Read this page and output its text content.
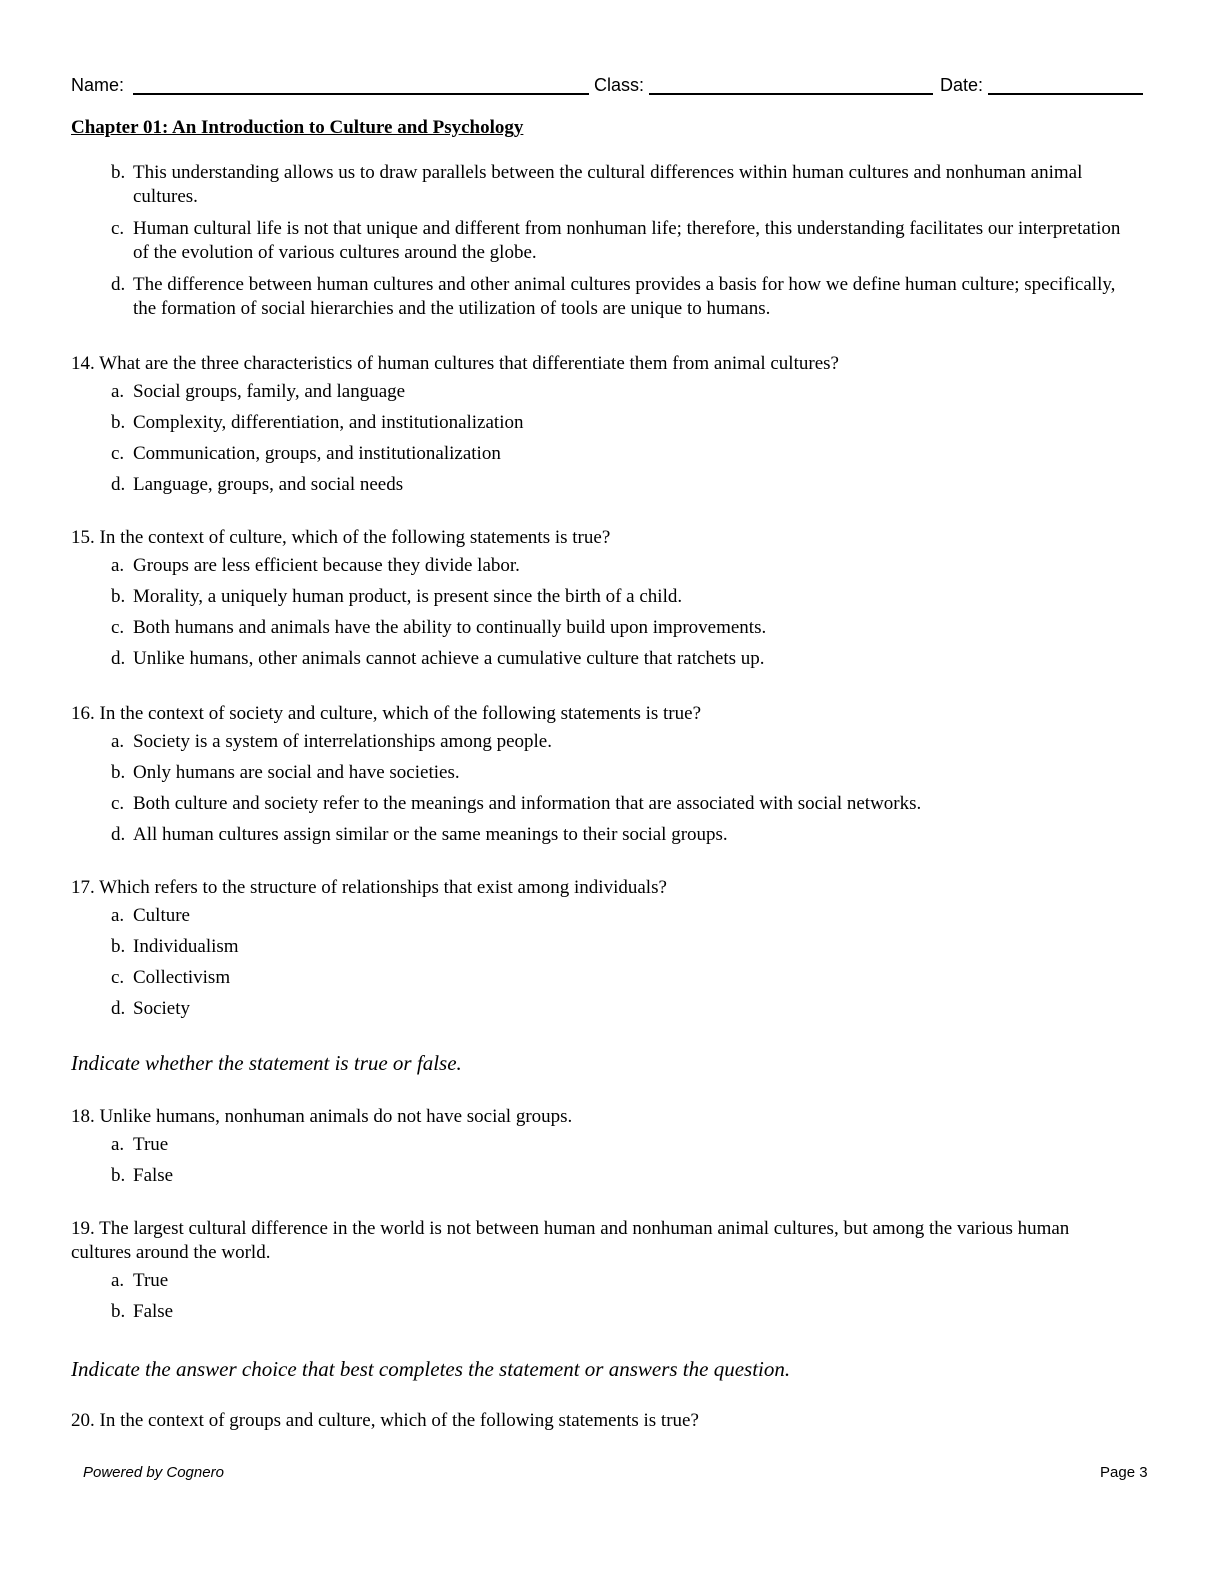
Name:	Class:	Date:
Chapter 01: An Introduction to Culture and Psychology
b. This understanding allows us to draw parallels between the cultural differences within human cultures and nonhuman animal cultures.
c. Human cultural life is not that unique and different from nonhuman life; therefore, this understanding facilitates our interpretation of the evolution of various cultures around the globe.
d. The difference between human cultures and other animal cultures provides a basis for how we define human culture; specifically, the formation of social hierarchies and the utilization of tools are unique to humans.

14. What are the three characteristics of human cultures that differentiate them from animal cultures?

a. Social groups, family, and language
b. Complexity, differentiation, and institutionalization
c. Communication, groups, and institutionalization
d. Language, groups, and social needs

15. In the context of culture, which of the following statements is true?

a. Groups are less efficient because they divide labor.
b. Morality, a uniquely human product, is present since the birth of a child.
c. Both humans and animals have the ability to continually build upon improvements.
d. Unlike humans, other animals cannot achieve a cumulative culture that ratchets up.

16. In the context of society and culture, which of the following statements is true?

a. Society is a system of interrelationships among people.
b. Only humans are social and have societies.
c. Both culture and society refer to the meanings and information that are associated with social networks.
d. All human cultures assign similar or the same meanings to their social groups.

17. Which refers to the structure of relationships that exist among individuals?

a. Culture
b. Individualism
c. Collectivism
d. Society
Indicate whether the statement is true or false.

18. Unlike humans, nonhuman animals do not have social groups.

a. True
b. False

19. The largest cultural difference in the world is not between human and nonhuman animal cultures, but among the various human cultures around the world.

a. True
b. False
Indicate the answer choice that best completes the statement or answers the question.

20. In the context of groups and culture, which of the following statements is true?

Powered by Cognero	Page 3
